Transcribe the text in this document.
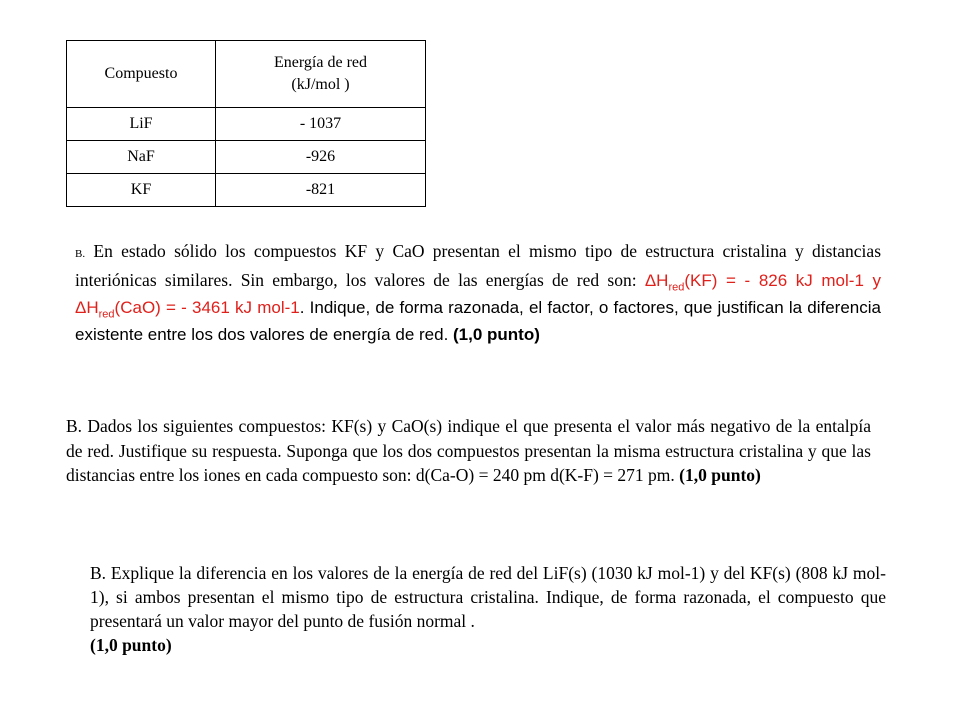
Compuesto	Energía de red
(kJ/mol )
LiF	- 1037
NaF	-926
KF	-821
B. En estado sólido los compuestos KF y CaO presentan el mismo tipo de estructura cristalina y distancias interiónicas similares. Sin embargo, los valores de las energías de red son: $\Delta H_{red}(KF)$ = - 826 kJ mol-1 y $\Delta H_{red}(CaO)$ = - 3461 kJ mol-1. Indique, de forma razonada, el factor, o factores, que justifican la diferencia existente entre los dos valores de energía de red. (1,0 punto)
B. Dados los siguientes compuestos: KF(s) y CaO(s) indique el que presenta el valor más negativo de la entalpía de red. Justifique su respuesta. Suponga que los dos compuestos presentan la misma estructura cristalina y que las distancias entre los iones en cada compuesto son: d(Ca-O) = 240 pm d(K-F) = 271 pm. (1,0 punto)
B. Explique la diferencia en los valores de la energía de red del LiF(s) (1030 kJ mol-1) y del KF(s) (808 kJ mol-1), si ambos presentan el mismo tipo de estructura cristalina. Indique, de forma razonada, el compuesto que presentará un valor mayor del punto de fusión normal .
(1,0 punto)
